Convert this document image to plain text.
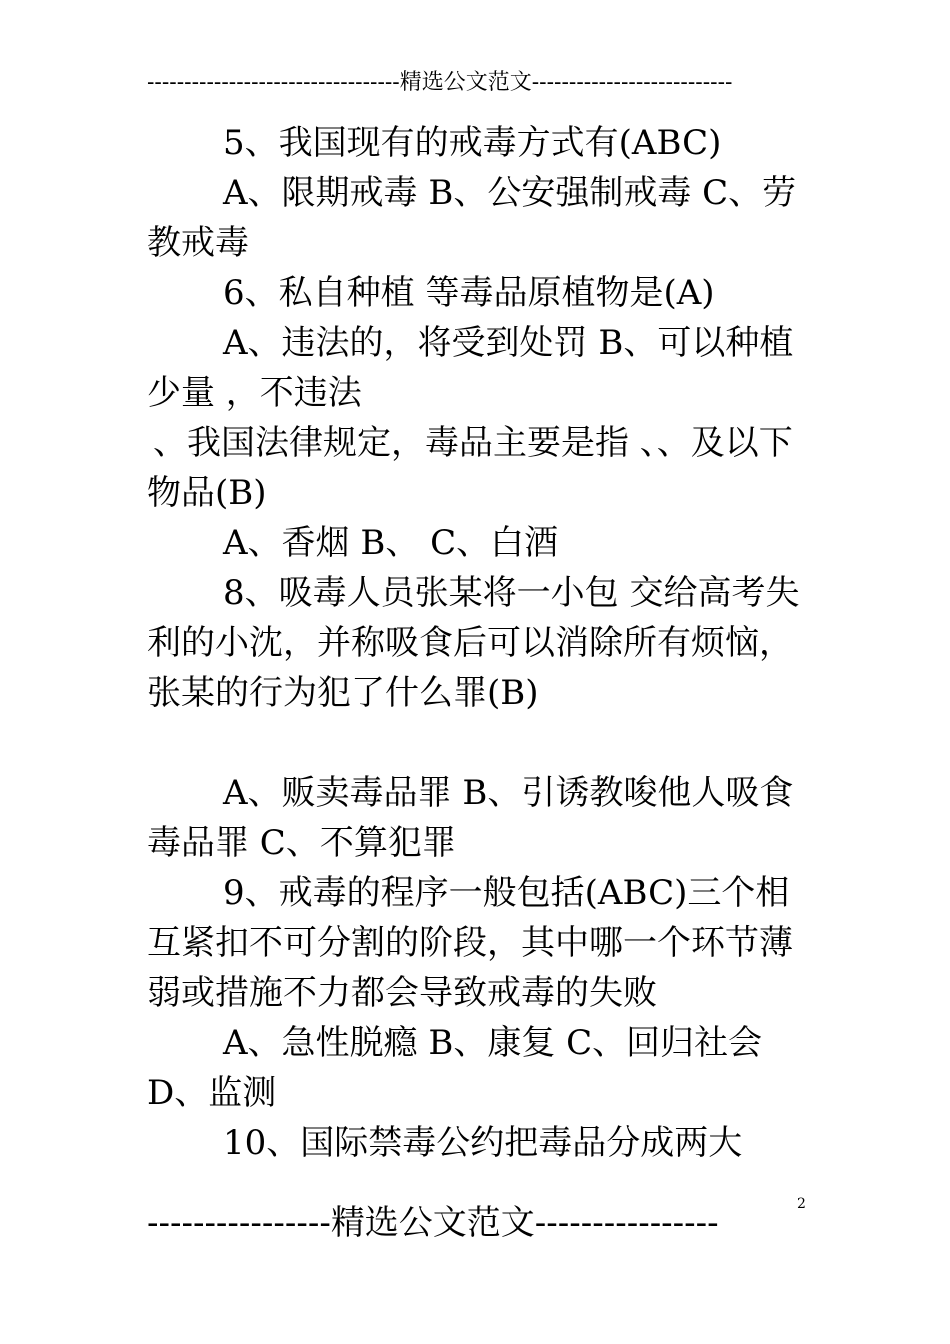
----------------------------------精选公文范文---------------------------

5、我国现有的戒毒方式有(ABC)

A、限期戒毒 B、公安强制戒毒 C、劳教戒毒

6、私自种植 等毒品原植物是(A)

A、违法的，将受到处罚 B、可以种植少量 ，不违法

、我国法律规定，毒品主要是指 、、及以下物品(B)

A、香烟 B、 C、白酒

8、吸毒人员张某将一小包 交给高考失利的小沈，并称吸食后可以消除所有烦恼，张某的行为犯了什么罪(B)

A、贩卖毒品罪 B、引诱教唆他人吸食毒品罪 C、不算犯罪

9、戒毒的程序一般包括(ABC)三个相互紧扣不可分割的阶段，其中哪一个环节薄弱或措施不力都会导致戒毒的失败

A、急性脱瘾 B、康复 C、回归社会 D、监测

10、国际禁毒公约把毒品分成两大

----------------精选公文范文----------------	2
